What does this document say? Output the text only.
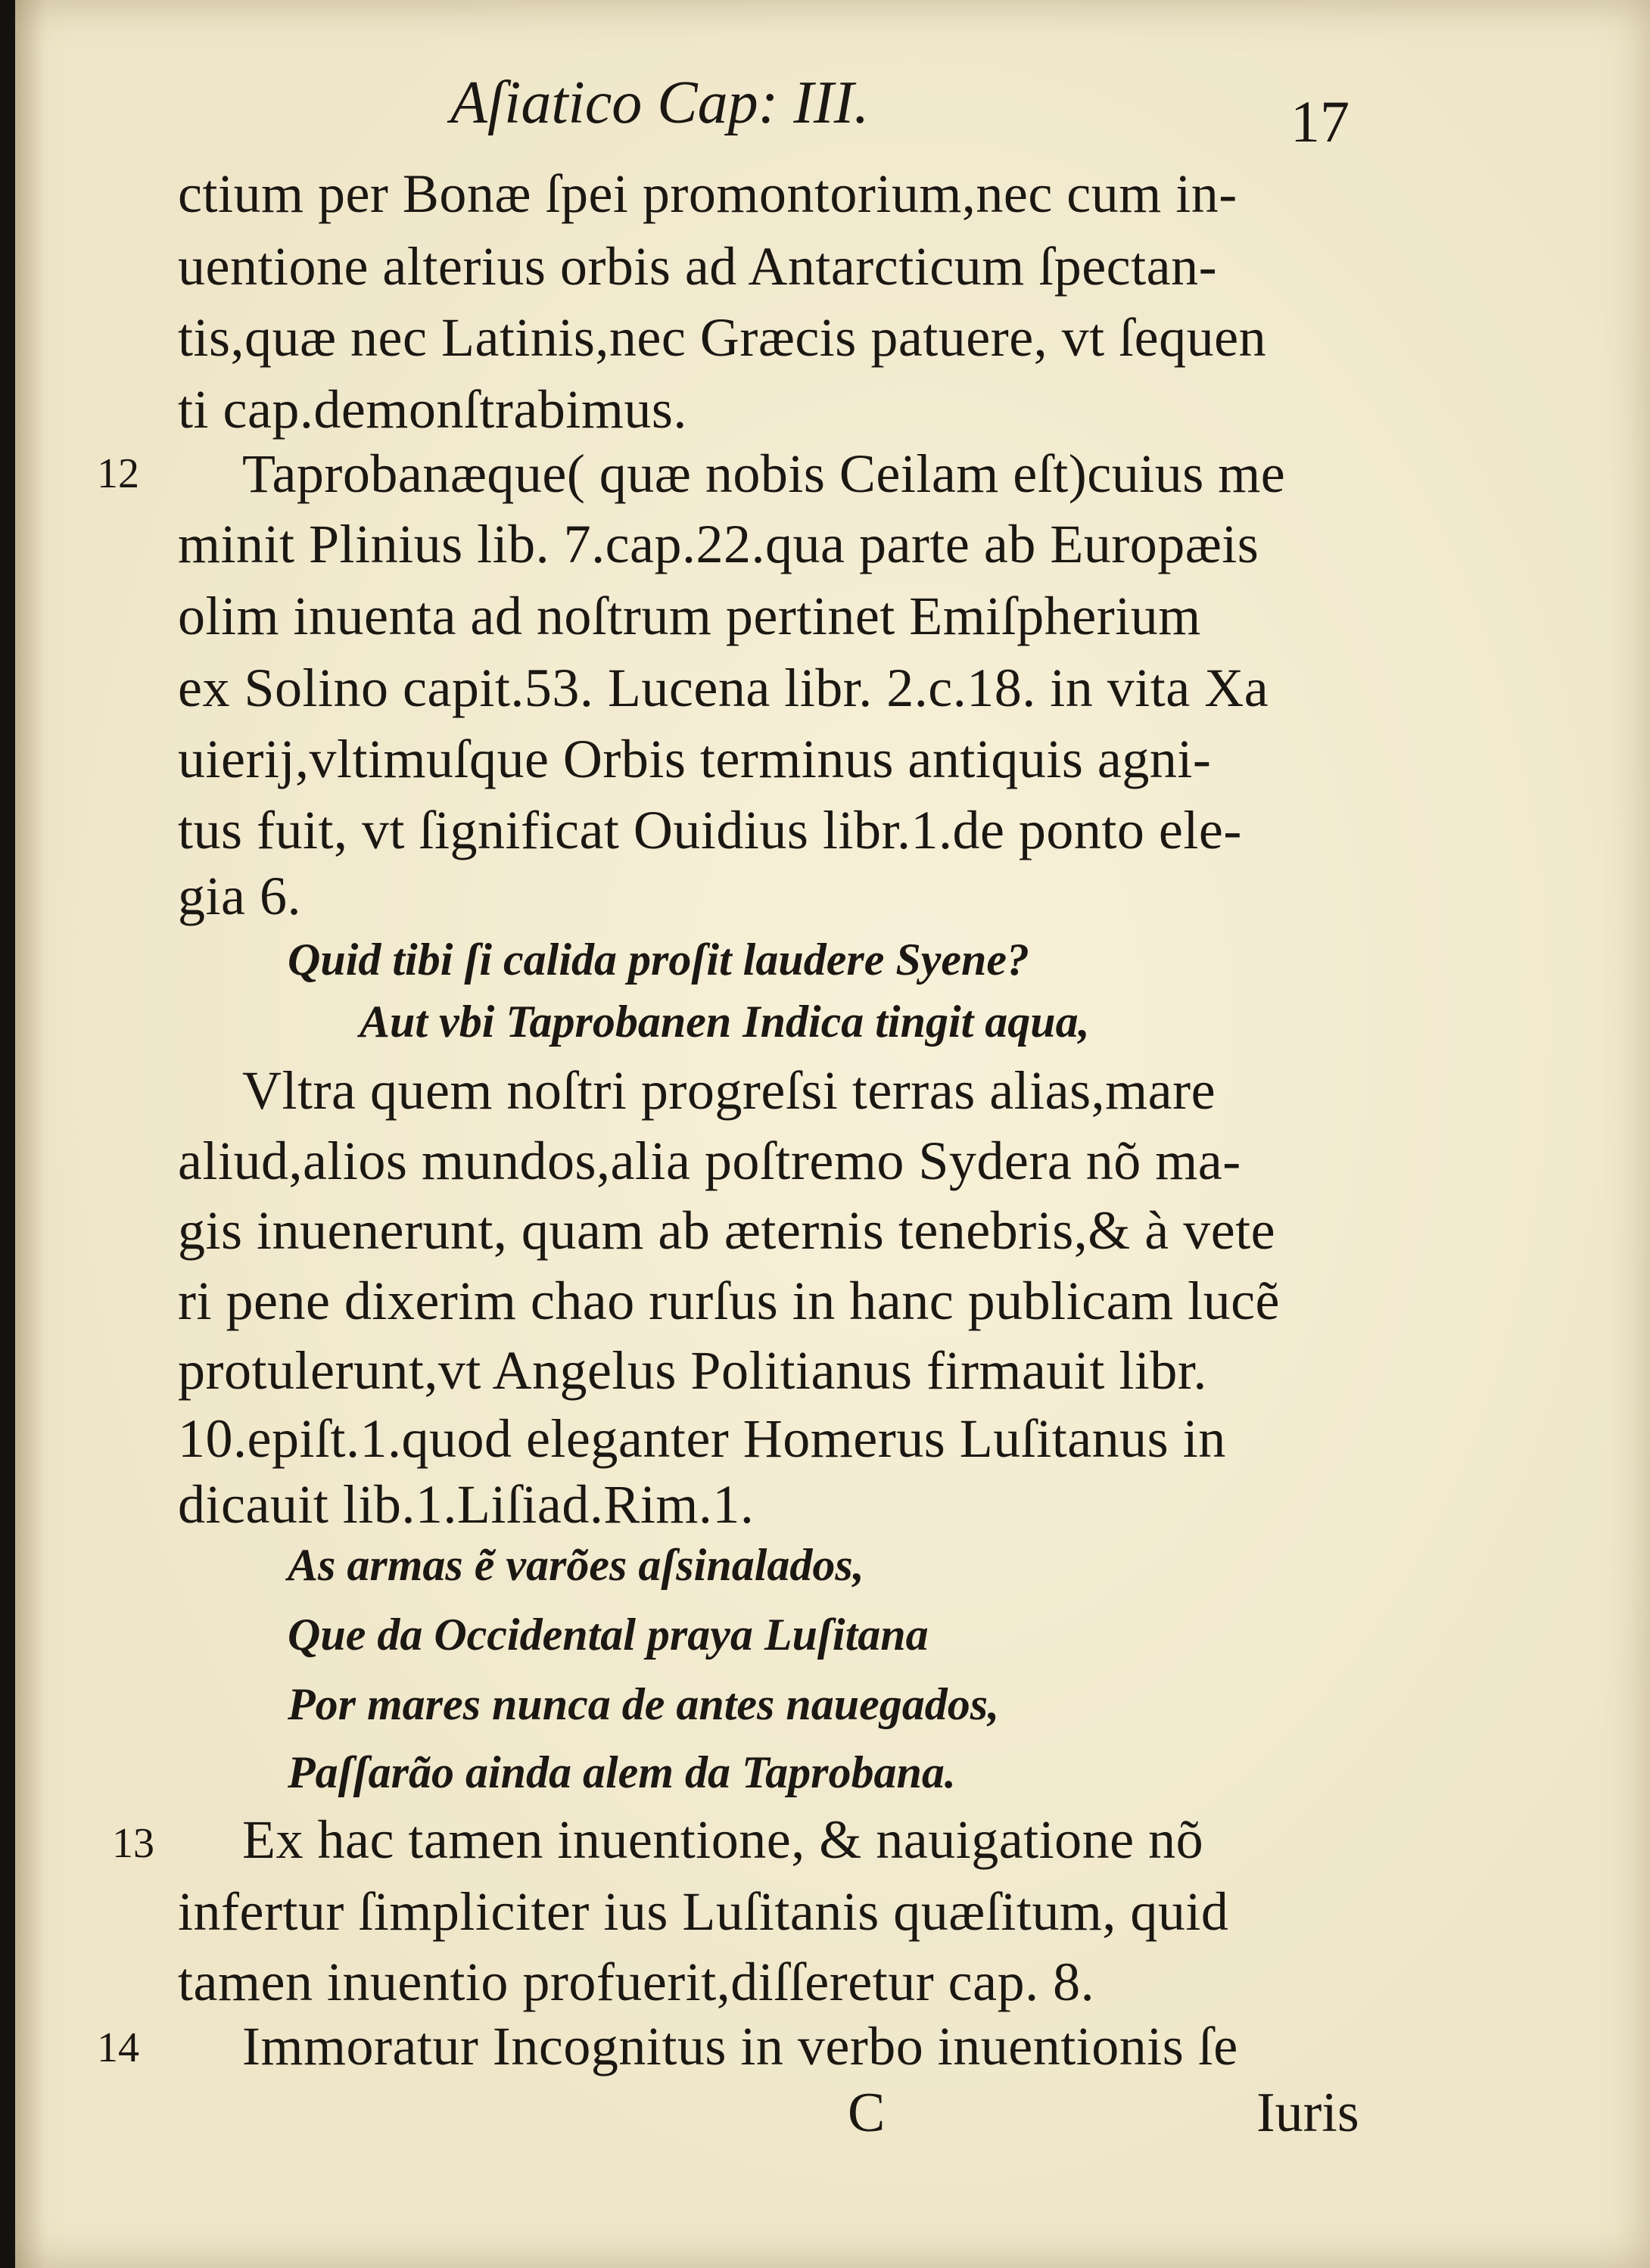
Aſiatico Cap: III.	17
ctium per Bonæ ſpei promontorium,nec cum in-
uentione alterius orbis ad Antarcticum ſpectan-
tis,quæ nec Latinis,nec Græcis patuere, vt ſequen
ti cap.demonſtrabimus.
12 Taprobanæque( quæ nobis Ceilam eſt)cuius me
minit Plinius lib. 7.cap.22.qua parte ab Europæis
olim inuenta ad noſtrum pertinet Emiſpherium
ex Solino capit.53. Lucena libr. 2.c.18. in vita Xa
uierij,vltimuſque Orbis terminus antiquis agni-
tus fuit, vt ſignificat Ouidius libr.1.de ponto ele-
gia 6.
Quid tibi ſi calida proſit laudere Syene?
Aut vbi Taprobanen Indica tingit aqua,
Vltra quem noſtri progreſsi terras alias,mare
aliud,alios mundos,alia poſtremo Sydera nõ ma-
gis inuenerunt, quam ab æternis tenebris,& à vete
ri pene dixerim chao rurſus in hanc publicam lucẽ
protulerunt,vt Angelus Politianus firmauit libr.
10.epiſt.1.quod eleganter Homerus Luſitanus in
dicauit lib.1.Liſiad.Rim.1.
As armas ẽ varões aſsinalados,
Que da Occidental praya Luſitana
Por mares nunca de antes nauegados,
Paſſarão ainda alem da Taprobana.
13 Ex hac tamen inuentione, & nauigatione nõ
infertur ſimpliciter ius Luſitanis quæſitum, quid
tamen inuentio profuerit,diſſeretur cap. 8.
14 Immoratur Incognitus in verbo inuentionis ſe
C	Iuris
